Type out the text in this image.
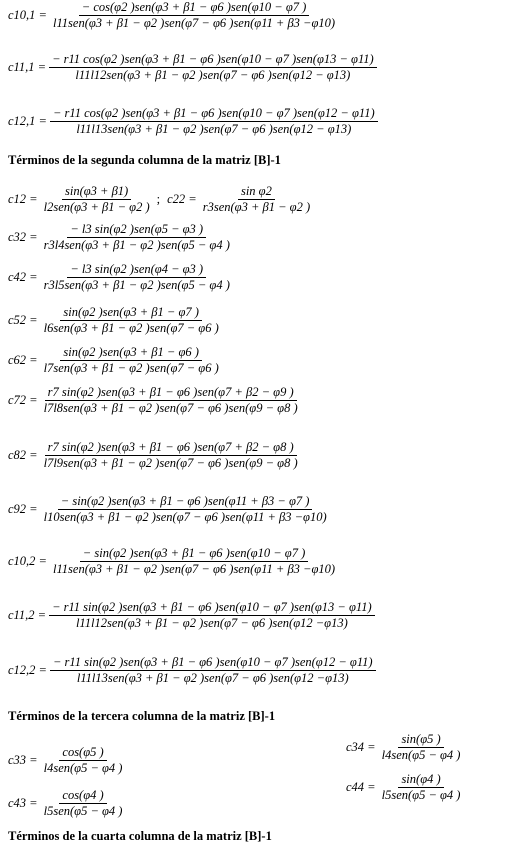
$c10,1 = \frac{\text{− cos(φ2 )sen(φ3 + β1 − φ6 )sen(φ10 − φ7 )}}{\text{l11sen(φ3 + β1 − φ2 )sen(φ7 − φ6 )sen(φ11 + β3 −φ10)}}$
$c11,1 = \frac{\text{− r11 cos(φ2 )sen(φ3 + β1 − φ6 )sen(φ10 − φ7 )sen(φ13 − φ11)}}{\text{l11l12sen(φ3 + β1 − φ2 )sen(φ7 − φ6 )sen(φ12 − φ13)}}$
$c12,1 = \frac{\text{− r11 cos(φ2 )sen(φ3 + β1 − φ6 )sen(φ10 − φ7 )sen(φ12 − φ11)}}{\text{l11l13sen(φ3 + β1 − φ2 )sen(φ7 − φ6 )sen(φ12 − φ13)}}$
Términos de la segunda columna de la matriz [B]-1
$c12 = \frac{\sin(\varphi 3 + \beta 1)}{\text{l2sen(φ3 + β1 − φ2 )}}$ ; $c22 = \frac{\text{sin φ2}}{\text{r3sen(φ3 + β1 − φ2 )}}$
$c32 = \frac{\text{− l3 sin(φ2 )sen(φ5 − φ3 )}}{\text{r3l4sen(φ3 + β1 − φ2 )sen(φ5 − φ4 )}}$
$c42 = \frac{\text{− l3 sin(φ2 )sen(φ4 − φ3 )}}{\text{r3l5sen(φ3 + β1 − φ2 )sen(φ5 − φ4 )}}$
$c52 = \frac{\text{sin(φ2 )sen(φ3 + β1 − φ7 )}}{\text{l6sen(φ3 + β1 − φ2 )sen(φ7 − φ6 )}}$
$c62 = \frac{\text{sin(φ2 )sen(φ3 + β1 − φ6 )}}{\text{l7sen(φ3 + β1 − φ2 )sen(φ7 − φ6 )}}$
$c72 = \frac{\text{r7 sin(φ2 )sen(φ3 + β1 − φ6 )sen(φ7 + β2 − φ9 )}}{\text{l7l8sen(φ3 + β1 − φ2 )sen(φ7 − φ6 )sen(φ9 − φ8 )}}$
$c82 = \frac{\text{r7 sin(φ2 )sen(φ3 + β1 − φ6 )sen(φ7 + β2 − φ8 )}}{\text{l7l9sen(φ3 + β1 − φ2 )sen(φ7 − φ6 )sen(φ9 − φ8 )}}$
$c92 = \frac{\text{− sin(φ2 )sen(φ3 + β1 − φ6 )sen(φ11 + β3 − φ7 )}}{\text{l10sen(φ3 + β1 − φ2 )sen(φ7 − φ6 )sen(φ11 + β3 −φ10)}}$
$c10,2 = \frac{\text{− sin(φ2 )sen(φ3 + β1 − φ6 )sen(φ10 − φ7 )}}{\text{l11sen(φ3 + β1 − φ2 )sen(φ7 − φ6 )sen(φ11 + β3 −φ10)}}$
$c11,2 = \frac{\text{− r11 sin(φ2 )sen(φ3 + β1 − φ6 )sen(φ10 − φ7 )sen(φ13 − φ11)}}{\text{l11l12sen(φ3 + β1 − φ2 )sen(φ7 − φ6 )sen(φ12 −φ13)}}$
$c12,2 = \frac{\text{− r11 sin(φ2 )sen(φ3 + β1 − φ6 )sen(φ10 − φ7 )sen(φ12 − φ11)}}{\text{l11l13sen(φ3 + β1 − φ2 )sen(φ7 − φ6 )sen(φ12 −φ13)}}$
Términos de la tercera columna de la matriz [B]-1
$c33 = \frac{\cos(\varphi 5 )}{\text{l4sen(φ5 − φ4 )}}$
$c43 = \frac{\cos(\varphi 4 )}{\text{l5sen(φ5 − φ4 )}}$
$c34 = \frac{\sin(\varphi 5 )}{\text{l4sen(φ5 − φ4 )}}$
$c44 = \frac{\sin(\varphi 4 )}{\text{l5sen(φ5 − φ4 )}}$
Términos de la cuarta columna de la matriz [B]-1
